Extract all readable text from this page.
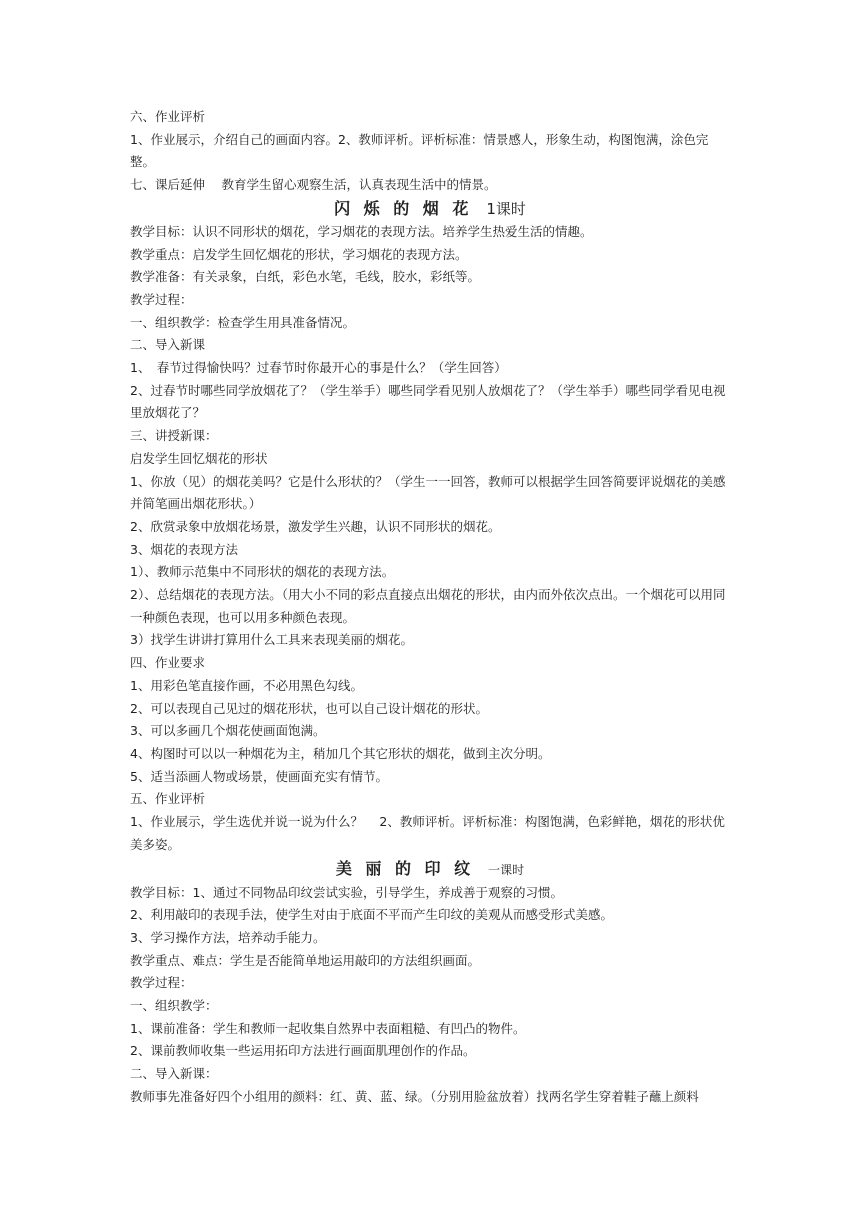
六、作业评析

1、作业展示，介绍自己的画面内容。2、教师评析。评析标准：情景感人，形象生动，构图饱满，涂色完整。

七、课后延伸　 教育学生留心观察生活，认真表现生活中的情景。

闪 烁 的 烟 花 1课时

教学目标：认识不同形状的烟花，学习烟花的表现方法。培养学生热爱生活的情趣。

教学重点：启发学生回忆烟花的形状，学习烟花的表现方法。

教学准备：有关录象，白纸，彩色水笔，毛线，胶水，彩纸等。

教学过程：

一、组织教学：检查学生用具准备情况。

二、导入新课

1、　春节过得愉快吗？过春节时你最开心的事是什么？（学生回答）

2、过春节时哪些同学放烟花了？（学生举手）哪些同学看见别人放烟花了？（学生举手）哪些同学看见电视里放烟花了？

三、讲授新课：

启发学生回忆烟花的形状

1、你放（见）的烟花美吗？它是什么形状的？（学生一一回答，教师可以根据学生回答简要评说烟花的美感并简笔画出烟花形状。）

2、欣赏录象中放烟花场景，激发学生兴趣，认识不同形状的烟花。

3、烟花的表现方法

1）、教师示范集中不同形状的烟花的表现方法。

2）、总结烟花的表现方法。（用大小不同的彩点直接点出烟花的形状，由内而外依次点出。一个烟花可以用同一种颜色表现，也可以用多种颜色表现。

3）找学生讲讲打算用什么工具来表现美丽的烟花。

四、作业要求

1、用彩色笔直接作画，不必用黑色勾线。

2、可以表现自己见过的烟花形状，也可以自己设计烟花的形状。

3、可以多画几个烟花使画面饱满。

4、构图时可以以一种烟花为主，稍加几个其它形状的烟花，做到主次分明。

5、适当添画人物或场景，使画面充实有情节。

五、作业评析

1、作业展示，学生选优并说一说为什么？　 2、教师评析。评析标准：构图饱满，色彩鲜艳，烟花的形状优美多姿。

美 丽 的 印 纹 一课时

教学目标：1、通过不同物品印纹尝试实验，引导学生，养成善于观察的习惯。

2、利用敲印的表现手法，使学生对由于底面不平而产生印纹的美观从而感受形式美感。

3、学习操作方法，培养动手能力。

教学重点、难点：学生是否能简单地运用敲印的方法组织画面。

教学过程：

一、组织教学：

1、课前准备：学生和教师一起收集自然界中表面粗糙、有凹凸的物件。

2、课前教师收集一些运用拓印方法进行画面肌理创作的作品。

二、导入新课：

教师事先准备好四个小组用的颜料：红、黄、蓝、绿。（分别用脸盆放着）找两名学生穿着鞋子蘸上颜料
